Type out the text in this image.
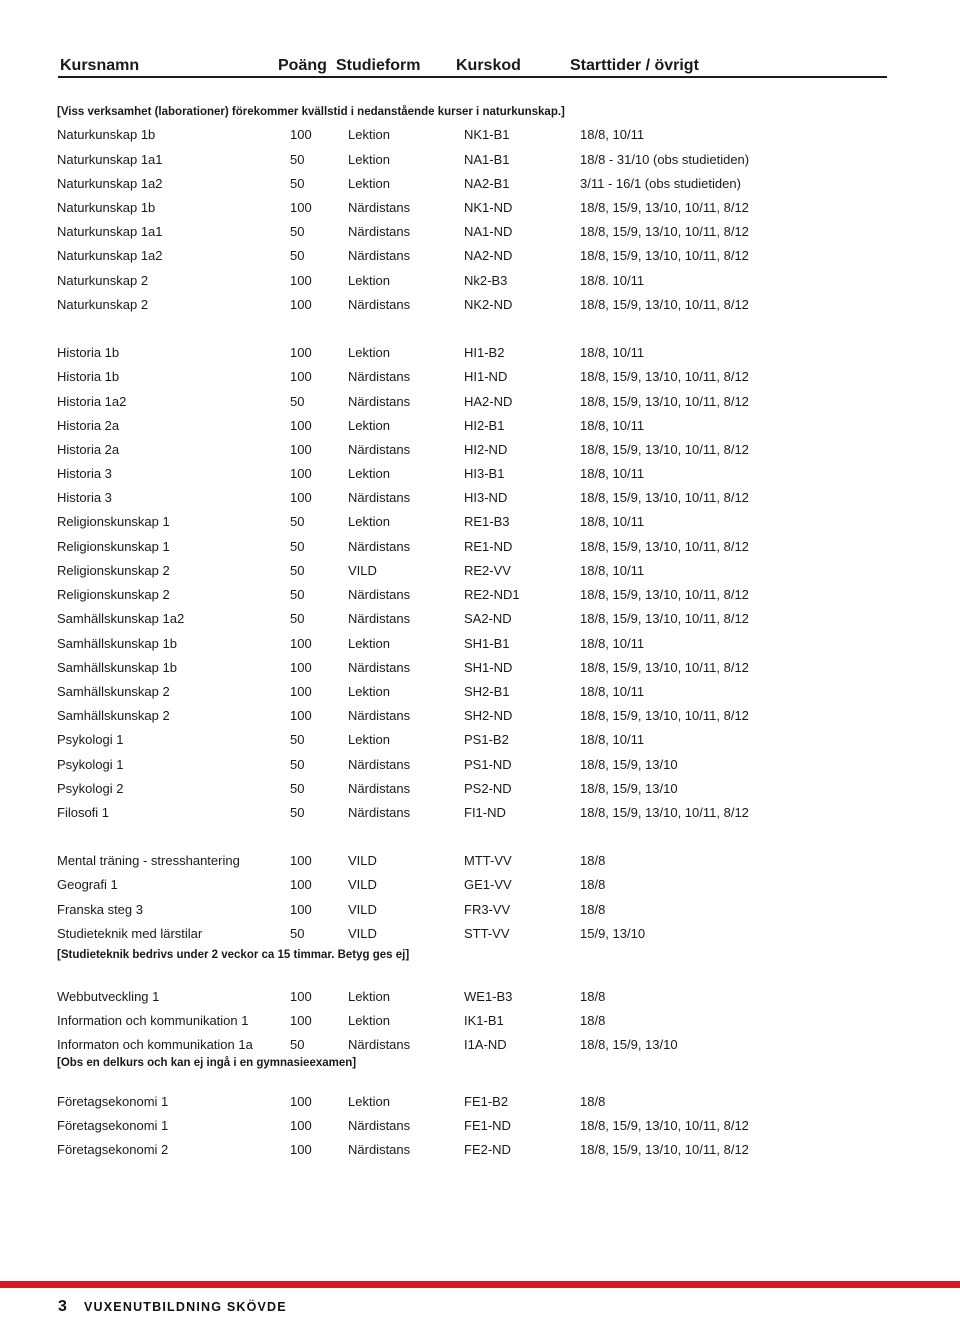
Kursnamn	Poäng Studieform Kurskod	Starttider / övrigt
[Viss verksamhet (laborationer) förekommer kvällstid i nedanstående kurser i naturkunskap.]
Naturkunskap 1b	100	Lektion	NK1-B1	18/8, 10/11
Naturkunskap 1a1	50	Lektion	NA1-B1	18/8 - 31/10 (obs studietiden)
Naturkunskap 1a2	50	Lektion	NA2-B1	3/11 - 16/1 (obs studietiden)
Naturkunskap 1b	100	Närdistans	NK1-ND	18/8, 15/9, 13/10, 10/11, 8/12
Naturkunskap 1a1	50	Närdistans	NA1-ND	18/8, 15/9, 13/10, 10/11, 8/12
Naturkunskap 1a2	50	Närdistans	NA2-ND	18/8, 15/9, 13/10, 10/11, 8/12
Naturkunskap 2	100	Lektion	Nk2-B3	18/8. 10/11
Naturkunskap 2	100	Närdistans	NK2-ND	18/8, 15/9, 13/10, 10/11, 8/12
Historia 1b	100	Lektion	HI1-B2	18/8, 10/11
Historia 1b	100	Närdistans	HI1-ND	18/8, 15/9, 13/10, 10/11, 8/12
Historia 1a2	50	Närdistans	HA2-ND	18/8, 15/9, 13/10, 10/11, 8/12
Historia 2a	100	Lektion	HI2-B1	18/8, 10/11
Historia 2a	100	Närdistans	HI2-ND	18/8, 15/9, 13/10, 10/11, 8/12
Historia 3	100	Lektion	HI3-B1	18/8, 10/11
Historia 3	100	Närdistans	HI3-ND	18/8, 15/9, 13/10, 10/11, 8/12
Religionskunskap 1	50	Lektion	RE1-B3	18/8, 10/11
Religionskunskap 1	50	Närdistans	RE1-ND	18/8, 15/9, 13/10, 10/11, 8/12
Religionskunskap 2	50	VILD	RE2-VV	18/8, 10/11
Religionskunskap 2	50	Närdistans	RE2-ND1	18/8, 15/9, 13/10, 10/11, 8/12
Samhällskunskap 1a2	50	Närdistans	SA2-ND	18/8, 15/9, 13/10, 10/11, 8/12
Samhällskunskap 1b	100	Lektion	SH1-B1	18/8, 10/11
Samhällskunskap 1b	100	Närdistans	SH1-ND	18/8, 15/9, 13/10, 10/11, 8/12
Samhällskunskap 2	100	Lektion	SH2-B1	18/8, 10/11
Samhällskunskap 2	100	Närdistans	SH2-ND	18/8, 15/9, 13/10, 10/11, 8/12
Psykologi 1	50	Lektion	PS1-B2	18/8, 10/11
Psykologi 1	50	Närdistans	PS1-ND	18/8, 15/9, 13/10
Psykologi 2	50	Närdistans	PS2-ND	18/8, 15/9, 13/10
Filosofi 1	50	Närdistans	FI1-ND	18/8, 15/9, 13/10, 10/11, 8/12
Mental träning - stresshantering	100	VILD	MTT-VV	18/8
Geografi 1	100	VILD	GE1-VV	18/8
Franska steg 3	100	VILD	FR3-VV	18/8
Studieteknik med lärstilar	50	VILD	STT-VV	15/9, 13/10
Webbutveckling 1	100	Lektion	WE1-B3	18/8
Information och kommunikation 1	100	Lektion	IK1-B1	18/8
Informaton och kommunikation 1a	50	Närdistans	I1A-ND	18/8, 15/9, 13/10
Företagsekonomi 1	100	Lektion	FE1-B2	18/8
Företagsekonomi 1	100	Närdistans	FE1-ND	18/8, 15/9, 13/10, 10/11, 8/12
Företagsekonomi 2	100	Närdistans	FE2-ND	18/8, 15/9, 13/10, 10/11, 8/12
[Studieteknik bedrivs under 2 veckor ca 15 timmar. Betyg ges ej]
[Obs en delkurs och kan ej ingå i en gymnasieexamen]
3 VUXENUTBILDNING SKÖVDE
